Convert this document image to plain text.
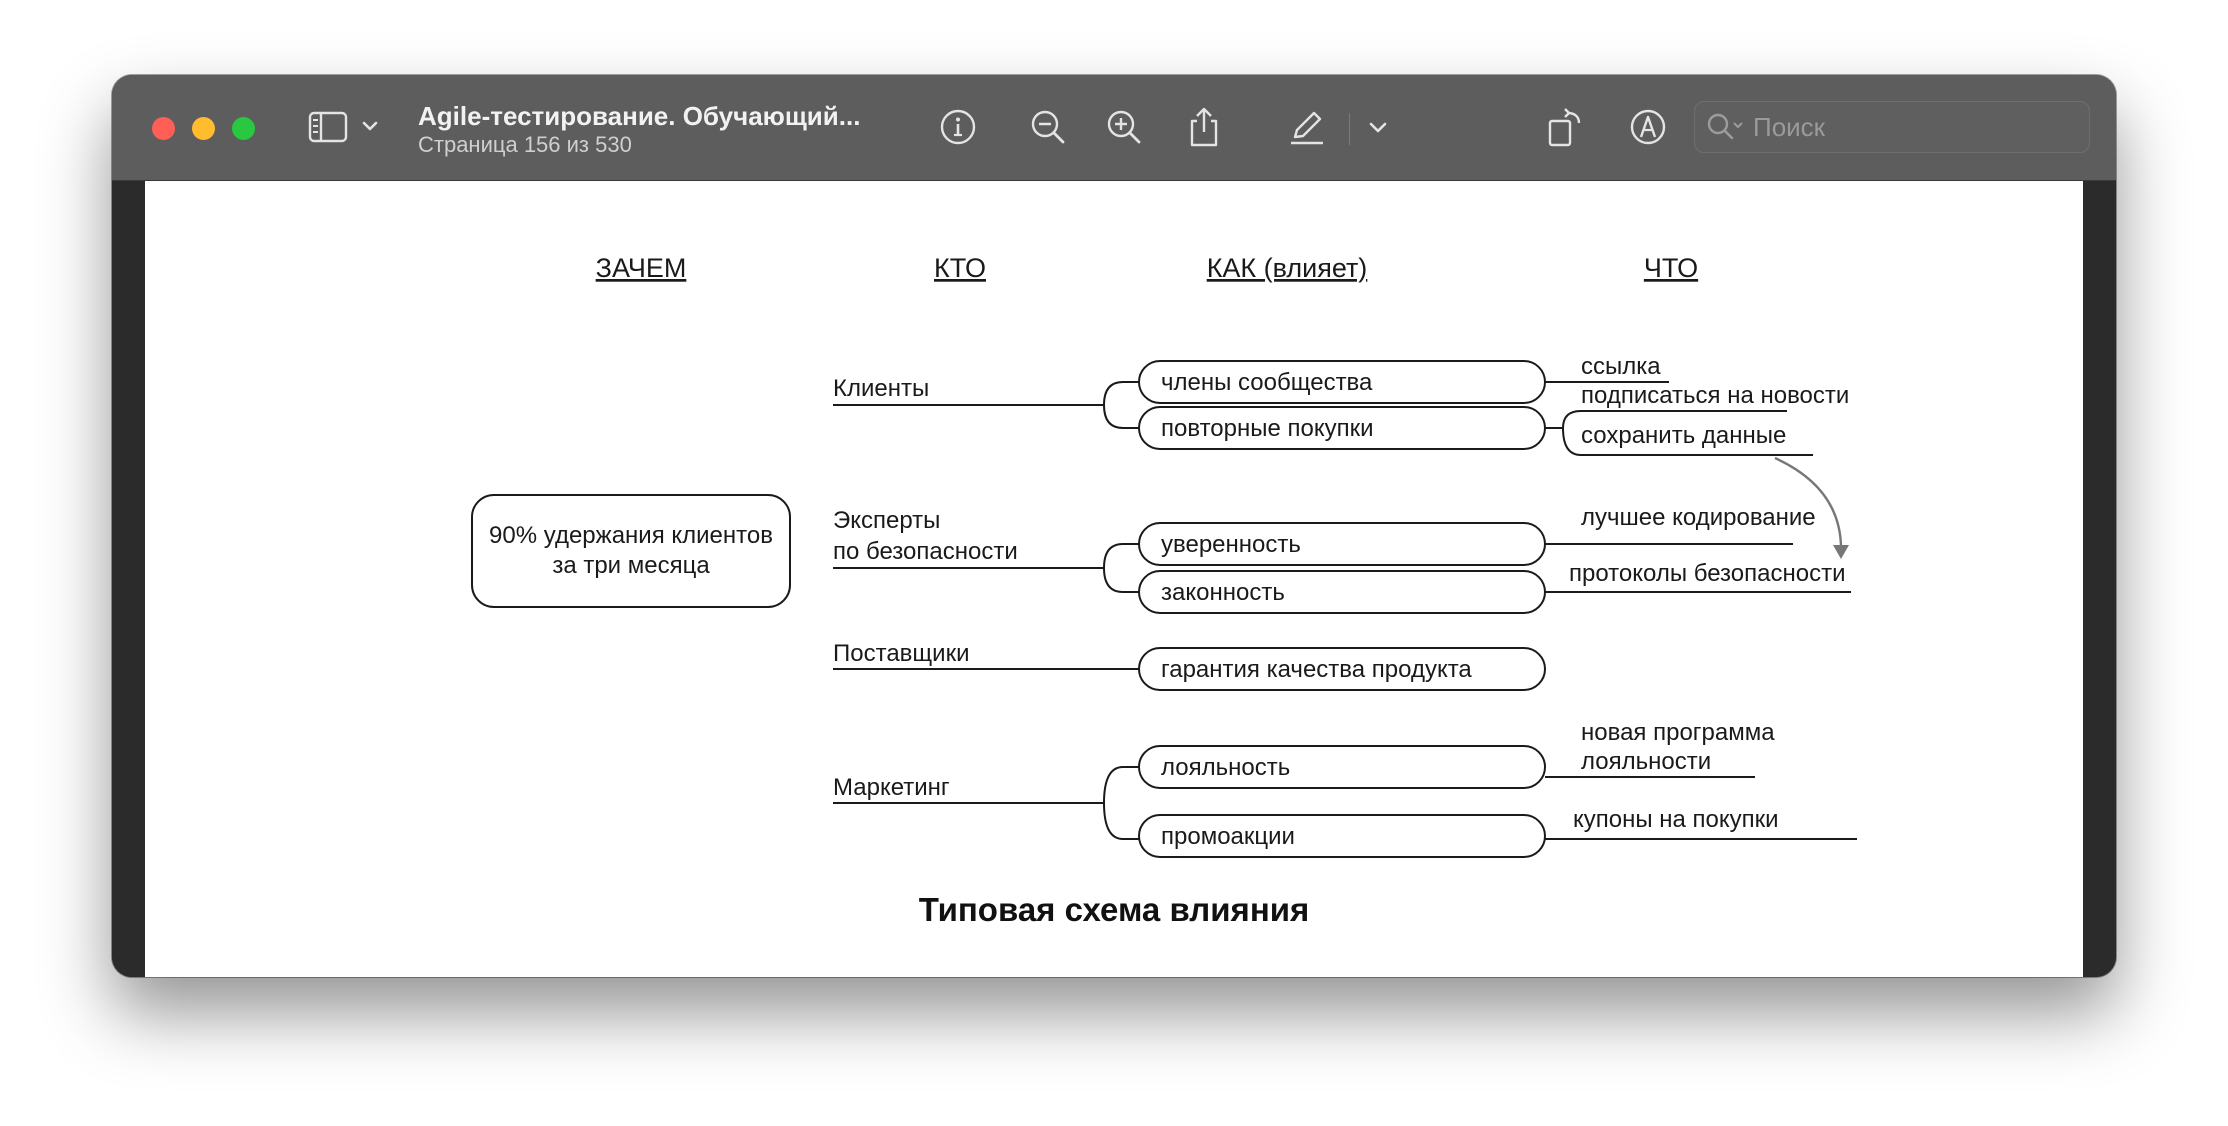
Agile-тестирование. Обучающий...
Страница 156 из 530
Поиск
ЗАЧЕМ	КТО	КАК (влияет)	ЧТО
90% удержания клиентов
за три месяца
Клиенты
Эксперты
по безопасности
Поставщики
Маркетинг
члены сообщества
повторные покупки
уверенность
законность
гарантия качества продукта
лояльность
промоакции
ссылка
подписаться на новости
сохранить данные
лучшее кодирование
протоколы безопасности
новая программа
лояльности
купоны на покупки
Типовая схема влияния
